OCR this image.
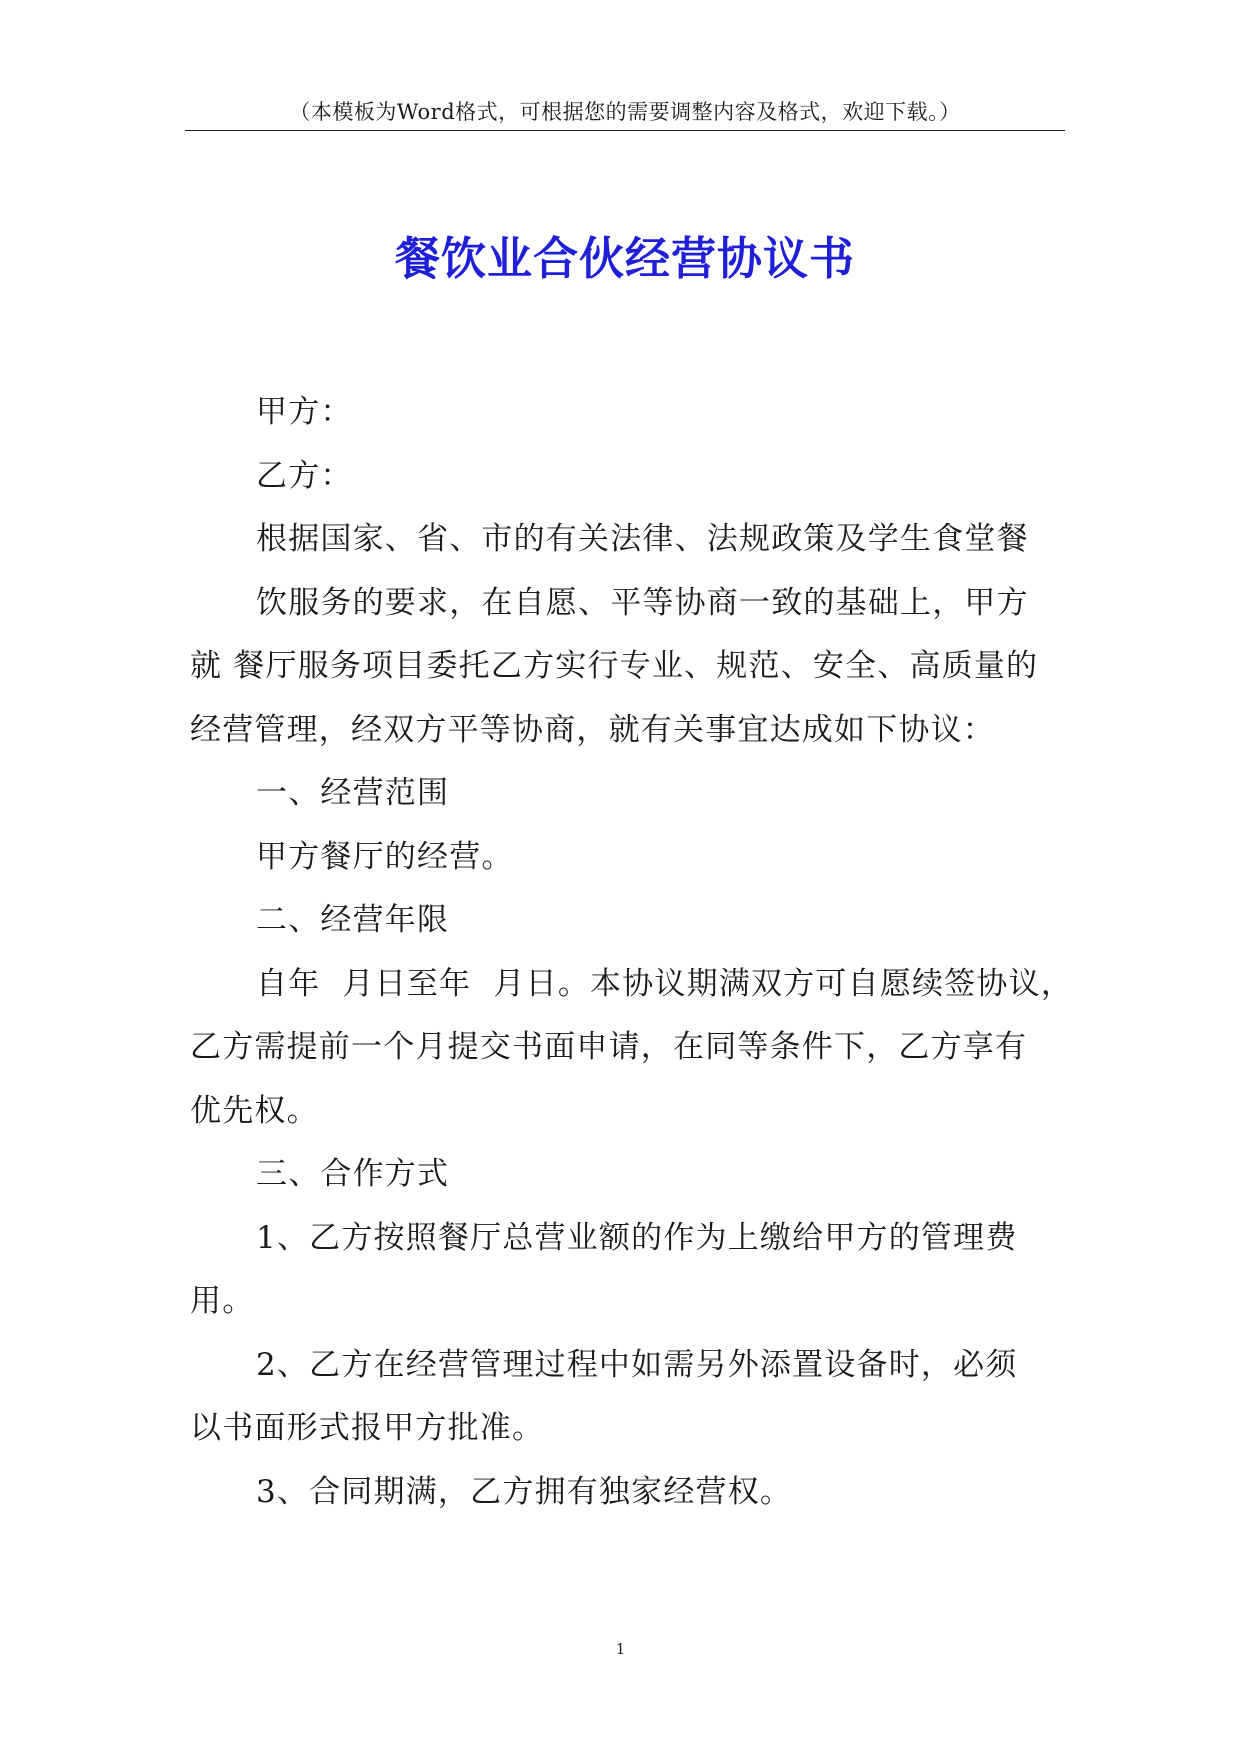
（本模板为Word格式，可根据您的需要调整内容及格式，欢迎下载。）
餐饮业合伙经营协议书
甲方：
乙方：
根据国家、省、市的有关法律、法规政策及学生食堂餐
饮服务的要求，在自愿、平等协商一致的基础上，甲方
就 餐厅服务项目委托乙方实行专业、规范、安全、高质量的
经营管理，经双方平等协商，就有关事宜达成如下协议：
一、经营范围
甲方餐厅的经营。
二、经营年限
自年  月日至年  月日。本协议期满双方可自愿续签协议，
乙方需提前一个月提交书面申请，在同等条件下，乙方享有
优先权。
三、合作方式
1、乙方按照餐厅总营业额的作为上缴给甲方的管理费
用。
2、乙方在经营管理过程中如需另外添置设备时，必须
以书面形式报甲方批准。
3、合同期满，乙方拥有独家经营权。
1
